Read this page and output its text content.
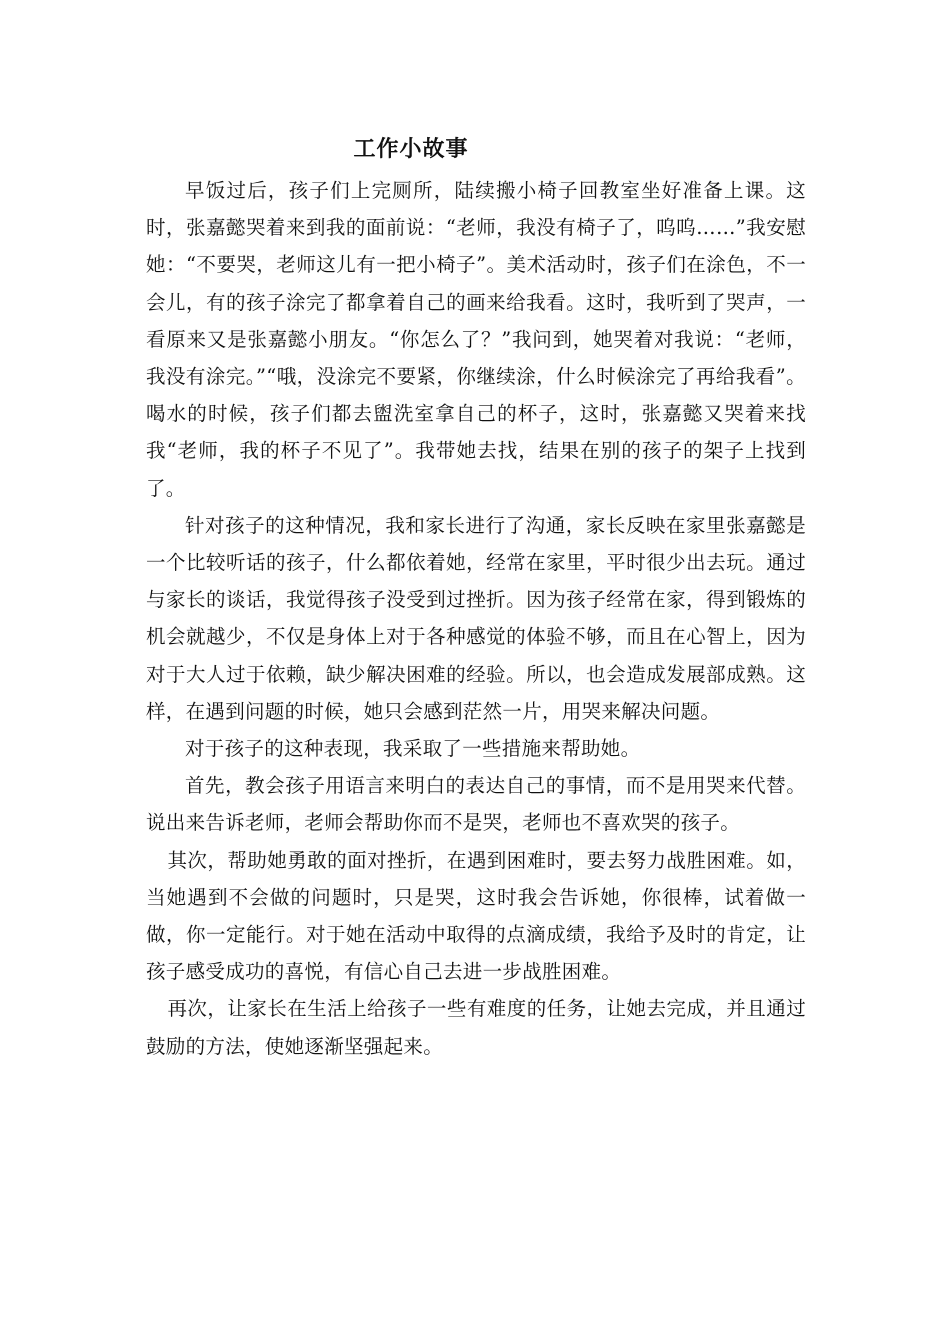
工作小故事

早饭过后，孩子们上完厕所，陆续搬小椅子回教室坐好准备上课。这时，张嘉懿哭着来到我的面前说：“老师，我没有椅子了，呜呜……”我安慰她：“不要哭，老师这儿有一把小椅子”。美术活动时，孩子们在涂色，不一会儿，有的孩子涂完了都拿着自己的画来给我看。这时，我听到了哭声，一看原来又是张嘉懿小朋友。“你怎么了？”我问到，她哭着对我说：“老师，我没有涂完。”“哦，没涂完不要紧，你继续涂，什么时候涂完了再给我看”。喝水的时候，孩子们都去盥洗室拿自己的杯子，这时，张嘉懿又哭着来找我“老师，我的杯子不见了”。我带她去找，结果在别的孩子的架子上找到了。

针对孩子的这种情况，我和家长进行了沟通，家长反映在家里张嘉懿是一个比较听话的孩子，什么都依着她，经常在家里，平时很少出去玩。通过与家长的谈话，我觉得孩子没受到过挫折。因为孩子经常在家，得到锻炼的机会就越少，不仅是身体上对于各种感觉的体验不够，而且在心智上，因为对于大人过于依赖，缺少解决困难的经验。所以，也会造成发展部成熟。这样，在遇到问题的时候，她只会感到茫然一片，用哭来解决问题。

对于孩子的这种表现，我采取了一些措施来帮助她。

首先，教会孩子用语言来明白的表达自己的事情，而不是用哭来代替。说出来告诉老师，老师会帮助你而不是哭，老师也不喜欢哭的孩子。

其次，帮助她勇敢的面对挫折，在遇到困难时，要去努力战胜困难。如，当她遇到不会做的问题时，只是哭，这时我会告诉她，你很棒，试着做一做，你一定能行。对于她在活动中取得的点滴成绩，我给予及时的肯定，让孩子感受成功的喜悦，有信心自己去进一步战胜困难。

再次，让家长在生活上给孩子一些有难度的任务，让她去完成，并且通过鼓励的方法，使她逐渐坚强起来。
